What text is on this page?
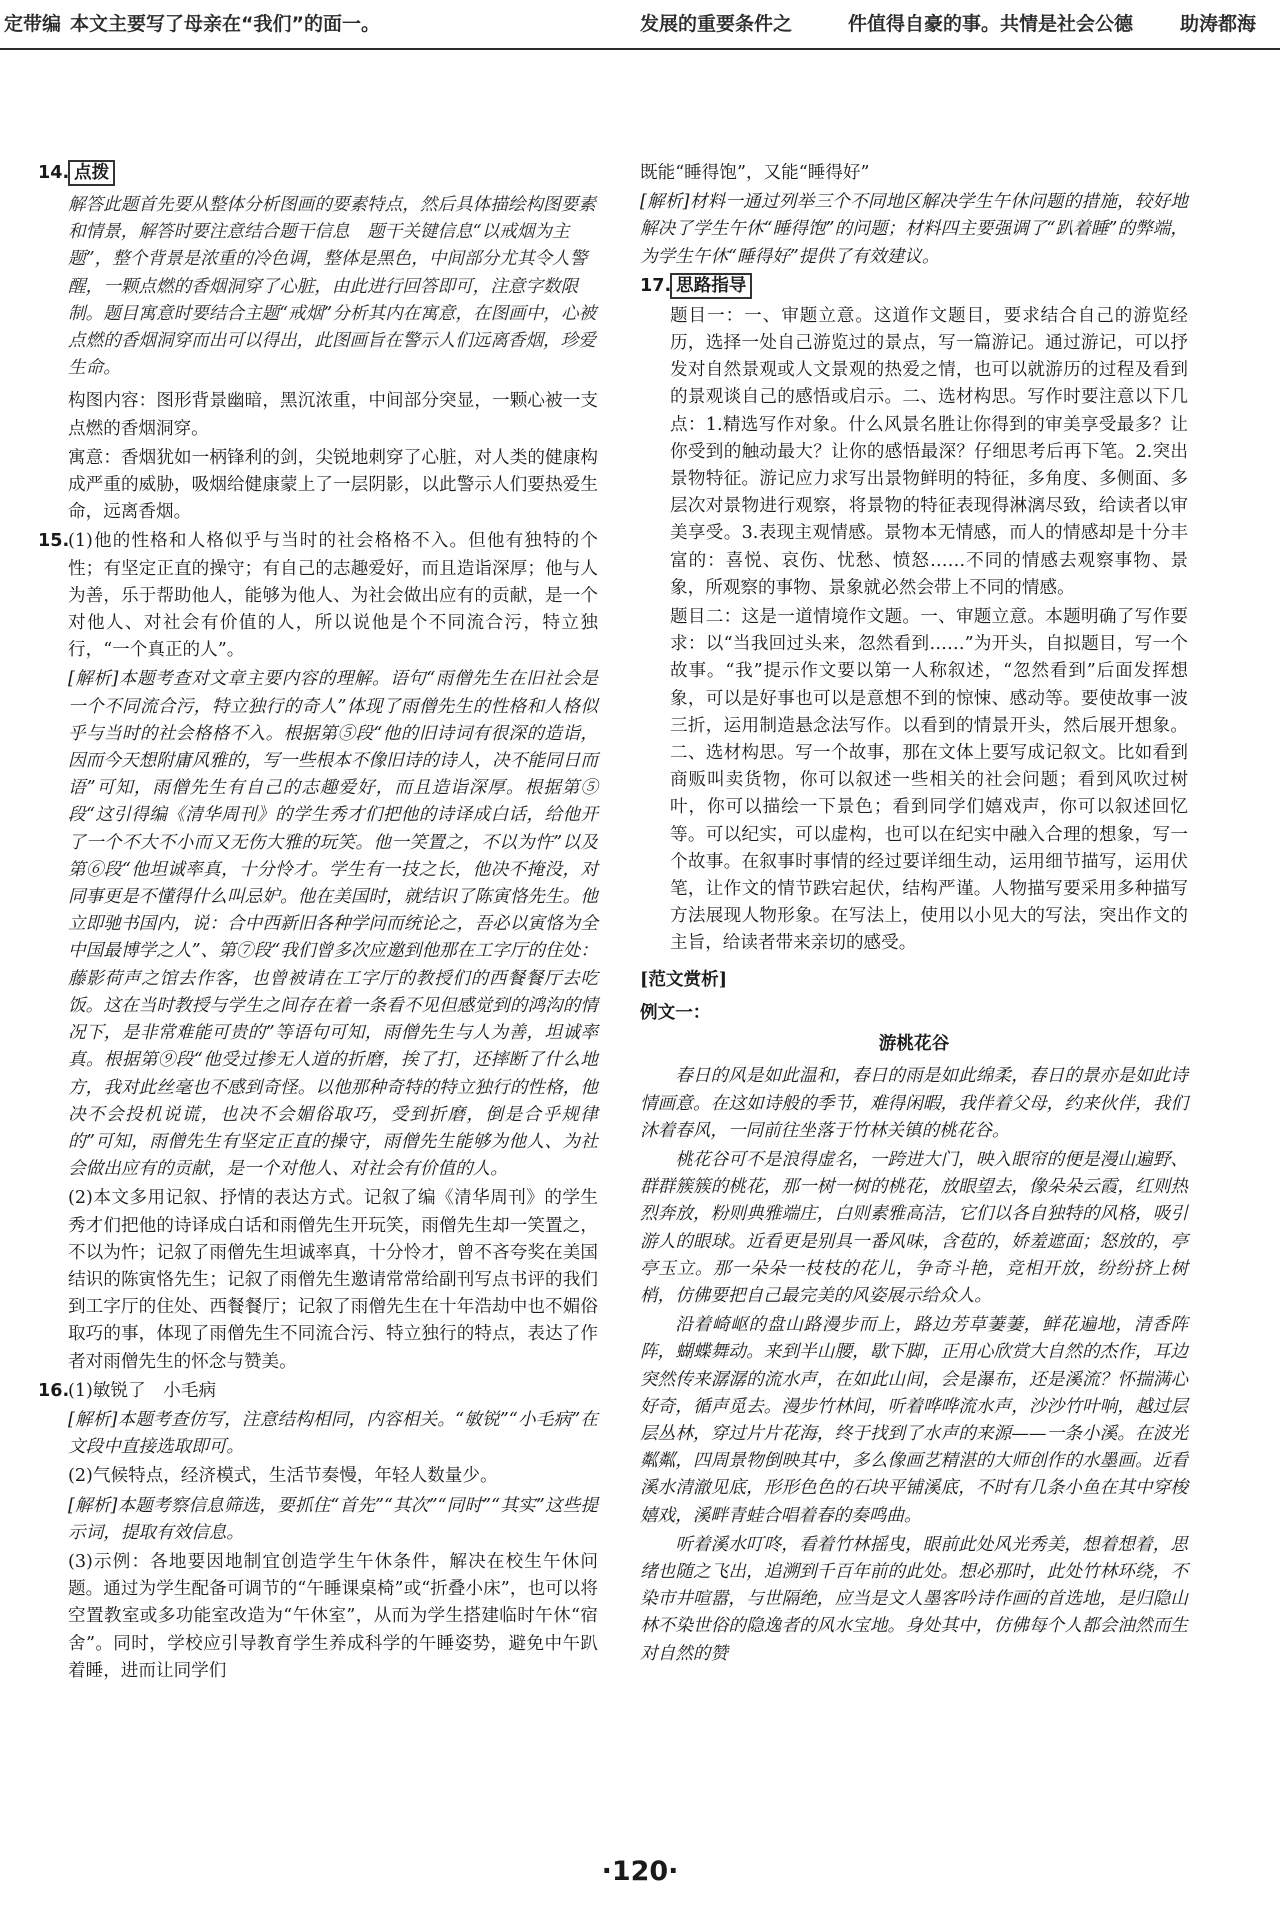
定带编 本文主要写了母亲在“我们”的面一。	发展的重要条件之	件值得自豪的事。共情是社会公德 助涛都海
14. 点拨
解答此题首先要从整体分析图画的要素特点，然后具体描绘构图要素和情景，解答时要注意结合题干信息　题干关键信息“以戒烟为主题”，整个背景是浓重的冷色调，整体是黑色，中间部分尤其令人警醒，一颗点燃的香烟洞穿了心脏，由此进行回答即可，注意字数限制。题目寓意时要结合主题“戒烟”分析其内在寓意，在图画中，心被点燃的香烟洞穿而出可以得出，此图画旨在警示人们远离香烟，珍爱生命。
构图内容：图形背景幽暗，黑沉浓重，中间部分突显，一颗心被一支点燃的香烟洞穿。
寓意：香烟犹如一柄锋利的剑，尖锐地刺穿了心脏，对人类的健康构成严重的威胁，吸烟给健康蒙上了一层阴影，以此警示人们要热爱生命，远离香烟。
15.
(1)他的性格和人格似乎与当时的社会格格不入。但他有独特的个性；有坚定正直的操守；有自己的志趣爱好，而且造诣深厚；他与人为善，乐于帮助他人，能够为他人、为社会做出应有的贡献，是一个对他人、对社会有价值的人，所以说他是个不同流合污，特立独行，“一个真正的人”。
[解析]本题考查对文章主要内容的理解。语句“雨僧先生在旧社会是一个不同流合污，特立独行的奇人”体现了雨僧先生的性格和人格似乎与当时的社会格格不入。根据第⑤段“他的旧诗词有很深的造诣，因而今天想附庸风雅的，写一些根本不像旧诗的诗人，决不能同日而语”可知，雨僧先生有自己的志趣爱好，而且造诣深厚。根据第⑤段“这引得编《清华周刊》的学生秀才们把他的诗译成白话，给他开了一个不大不小而又无伤大雅的玩笑。他一笑置之，不以为忤”以及第⑥段“他坦诚率真，十分怜才。学生有一技之长，他决不掩没，对同事更是不懂得什么叫忌妒。他在美国时，就结识了陈寅恪先生。他立即驰书国内，说：合中西新旧各种学问而统论之，吾必以寅恪为全中国最博学之人”、第⑦段“我们曾多次应邀到他那在工字厅的住处：藤影荷声之馆去作客，也曾被请在工字厅的教授们的西餐餐厅去吃饭。这在当时教授与学生之间存在着一条看不见但感觉到的鸿沟的情况下，是非常难能可贵的”等语句可知，雨僧先生与人为善，坦诚率真。根据第⑨段“他受过掺无人道的折磨，挨了打，还摔断了什么地方，我对此丝毫也不感到奇怪。以他那种奇特的特立独行的性格，他决不会投机说谎，也决不会媚俗取巧，受到折磨，倒是合乎规律的”可知，雨僧先生有坚定正直的操守，雨僧先生能够为他人、为社会做出应有的贡献，是一个对他人、对社会有价值的人。
(2)本文多用记叙、抒情的表达方式。记叙了编《清华周刊》的学生秀才们把他的诗译成白话和雨僧先生开玩笑，雨僧先生却一笑置之，不以为忤；记叙了雨僧先生坦诚率真，十分怜才，曾不吝夸奖在美国结识的陈寅恪先生；记叙了雨僧先生邀请常常给副刊写点书评的我们到工字厅的住处、西餐餐厅；记叙了雨僧先生在十年浩劫中也不媚俗取巧的事，体现了雨僧先生不同流合污、特立独行的特点，表达了作者对雨僧先生的怀念与赞美。
16.
(1)敏锐了　小毛病
[解析]本题考查仿写，注意结构相同，内容相关。“敏锐”“小毛病”在文段中直接选取即可。
(2)气候特点，经济模式，生活节奏慢，年轻人数量少。
[解析]本题考察信息筛选，要抓住“首先”“其次”“同时”“其实”这些提示词，提取有效信息。
(3)示例：各地要因地制宜创造学生午休条件，解决在校生午休问题。通过为学生配备可调节的“午睡课桌椅”或“折叠小床”，也可以将空置教室或多功能室改造为“午休室”，从而为学生搭建临时午休“宿舍”。同时，学校应引导教育学生养成科学的午睡姿势，避免中午趴着睡，进而让同学们
既能“睡得饱”，又能“睡得好”
[解析]材料一通过列举三个不同地区解决学生午休问题的措施，较好地解决了学生午休“睡得饱”的问题；材料四主要强调了“趴着睡”的弊端，为学生午休“睡得好”提供了有效建议。
17. 思路指导
题目一：一、审题立意。这道作文题目，要求结合自己的游览经历，选择一处自己游览过的景点，写一篇游记。通过游记，可以抒发对自然景观或人文景观的热爱之情，也可以就游历的过程及看到的景观谈自己的感悟或启示。二、选材构思。写作时要注意以下几点：1.精选写作对象。什么风景名胜让你得到的审美享受最多？让你受到的触动最大？让你的感悟最深？仔细思考后再下笔。2.突出景物特征。游记应力求写出景物鲜明的特征，多角度、多侧面、多层次对景物进行观察，将景物的特征表现得淋漓尽致，给读者以审美享受。3.表现主观情感。景物本无情感，而人的情感却是十分丰富的：喜悦、哀伤、忧愁、愤怒……不同的情感去观察事物、景象，所观察的事物、景象就必然会带上不同的情感。
题目二：这是一道情境作文题。一、审题立意。本题明确了写作要求：以“当我回过头来，忽然看到……”为开头，自拟题目，写一个故事。“我”提示作文要以第一人称叙述，“忽然看到”后面发挥想象，可以是好事也可以是意想不到的惊悚、感动等。要使故事一波三折，运用制造悬念法写作。以看到的情景开头，然后展开想象。二、选材构思。写一个故事，那在文体上要写成记叙文。比如看到商贩叫卖货物，你可以叙述一些相关的社会问题；看到风吹过树叶，你可以描绘一下景色；看到同学们嬉戏声，你可以叙述回忆等。可以纪实，可以虚构，也可以在纪实中融入合理的想象，写一个故事。在叙事时事情的经过要详细生动，运用细节描写，运用伏笔，让作文的情节跌宕起伏，结构严谨。人物描写要采用多种描写方法展现人物形象。在写法上，使用以小见大的写法，突出作文的主旨，给读者带来亲切的感受。
[范文赏析]
例文一：
游桃花谷
春日的风是如此温和，春日的雨是如此绵柔，春日的景亦是如此诗情画意。在这如诗般的季节，难得闲暇，我伴着父母，约来伙伴，我们沐着春风，一同前往坐落于竹林关镇的桃花谷。
桃花谷可不是浪得虚名，一跨进大门，映入眼帘的便是漫山遍野、群群簇簇的桃花，那一树一树的桃花，放眼望去，像朵朵云霞，红则热烈奔放，粉则典雅端庄，白则素雅高洁，它们以各自独特的风格，吸引游人的眼球。近看更是别具一番风味，含苞的，娇羞遮面；怒放的，亭亭玉立。那一朵朵一枝枝的花儿，争奇斗艳，竞相开放，纷纷挤上树梢，仿佛要把自己最完美的风姿展示给众人。
沿着崎岖的盘山路漫步而上，路边芳草萋萋，鲜花遍地，清香阵阵，蝴蝶舞动。来到半山腰，歇下脚，正用心欣赏大自然的杰作，耳边突然传来潺潺的流水声，在如此山间，会是瀑布，还是溪流？怀揣满心好奇，循声觅去。漫步竹林间，听着哗哗流水声，沙沙竹叶响，越过层层丛林，穿过片片花海，终于找到了水声的来源——一条小溪。在波光粼粼，四周景物倒映其中，多么像画艺精湛的大师创作的水墨画。近看溪水清澈见底，形形色色的石块平铺溪底，不时有几条小鱼在其中穿梭嬉戏，溪畔青蛙合唱着春的奏鸣曲。
听着溪水叮咚，看着竹林摇曳，眼前此处风光秀美，想着想着，思绪也随之飞出，追溯到千百年前的此处。想必那时，此处竹林环绕，不染市井喧嚣，与世隔绝，应当是文人墨客吟诗作画的首选地，是归隐山林不染世俗的隐逸者的风水宝地。身处其中，仿佛每个人都会油然而生对自然的赞
·120·
